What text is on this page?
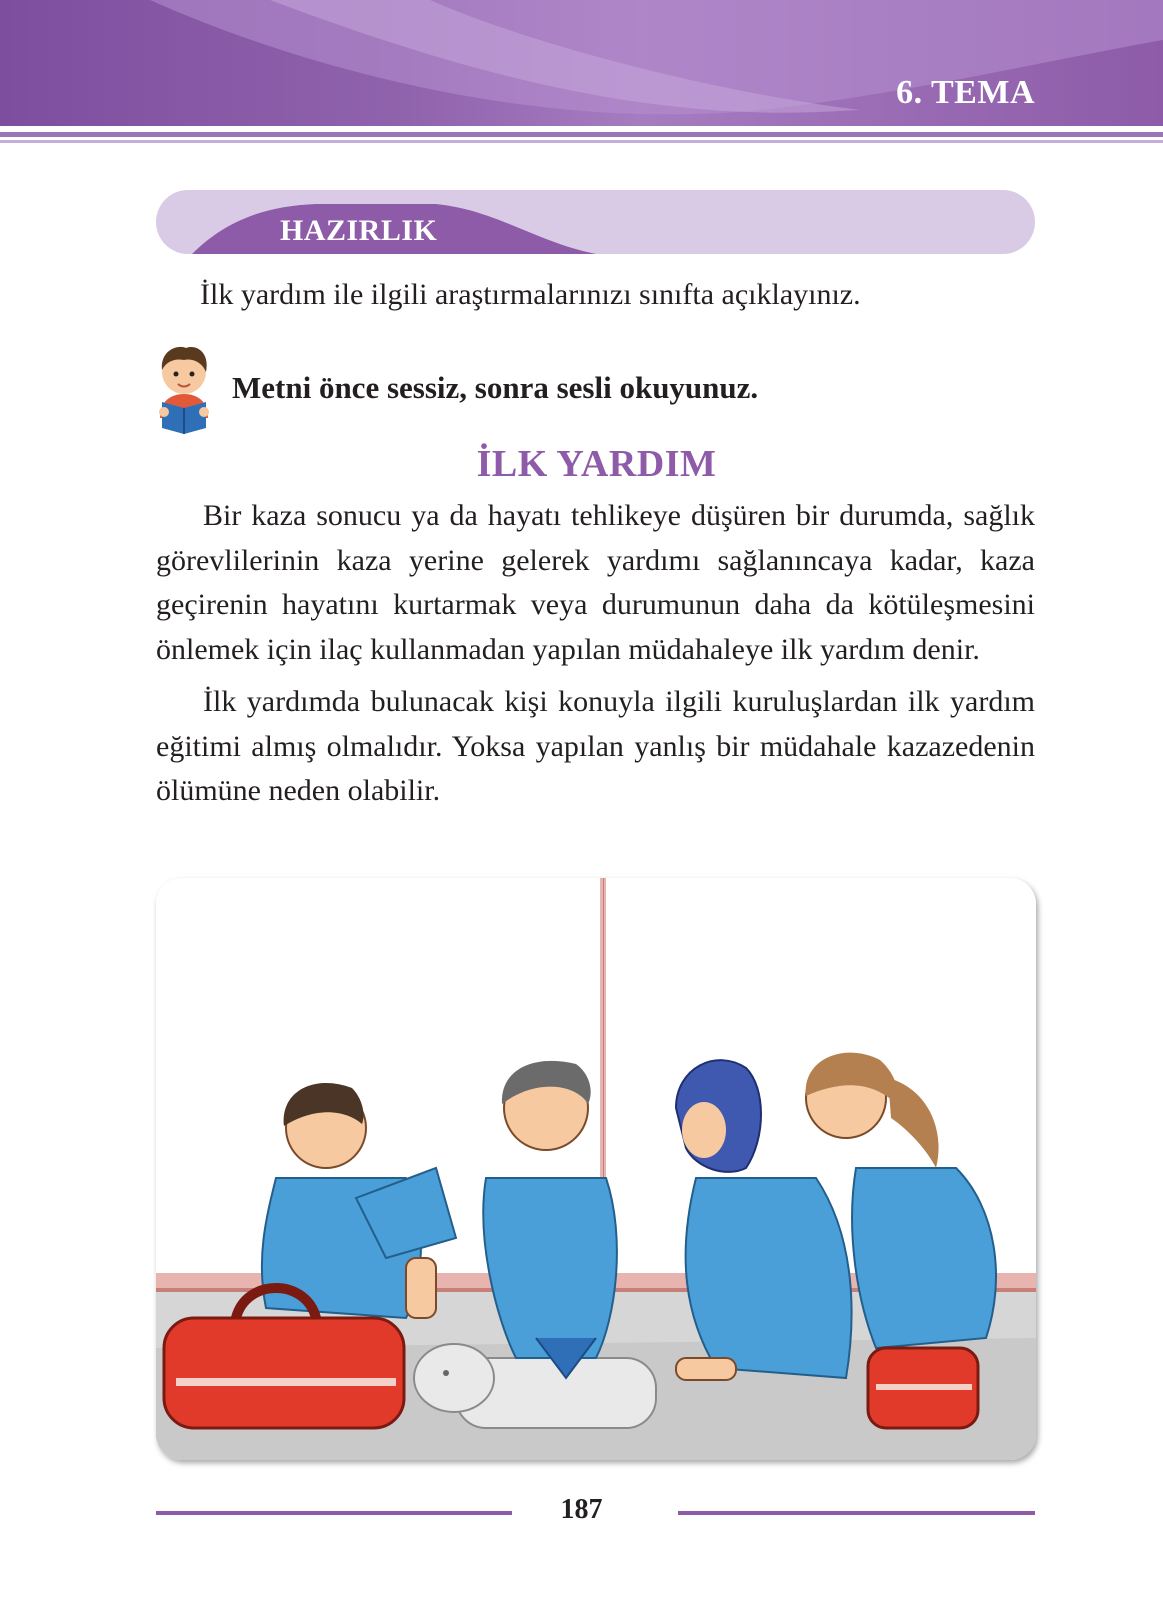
6. TEMA
HAZIRLIK
İlk yardım ile ilgili araştırmalarınızı sınıfta açıklayınız.
Metni önce sessiz, sonra sesli okuyunuz.
İLK YARDIM

Bir kaza sonucu ya da hayatı tehlikeye düşüren bir durumda, sağlık görevlilerinin kaza yerine gelerek yardımı sağlanıncaya kadar, kaza geçirenin hayatını kurtarmak veya durumunun daha da kötüleşmesini önlemek için ilaç kullanmadan yapılan müdahaleye ilk yardım denir.

İlk yardımda bulunacak kişi konuyla ilgili kuruluşlardan ilk yardım eğitimi almış olmalıdır. Yoksa yapılan yanlış bir müdahale kazazedenin ölümüne neden olabilir.

187
